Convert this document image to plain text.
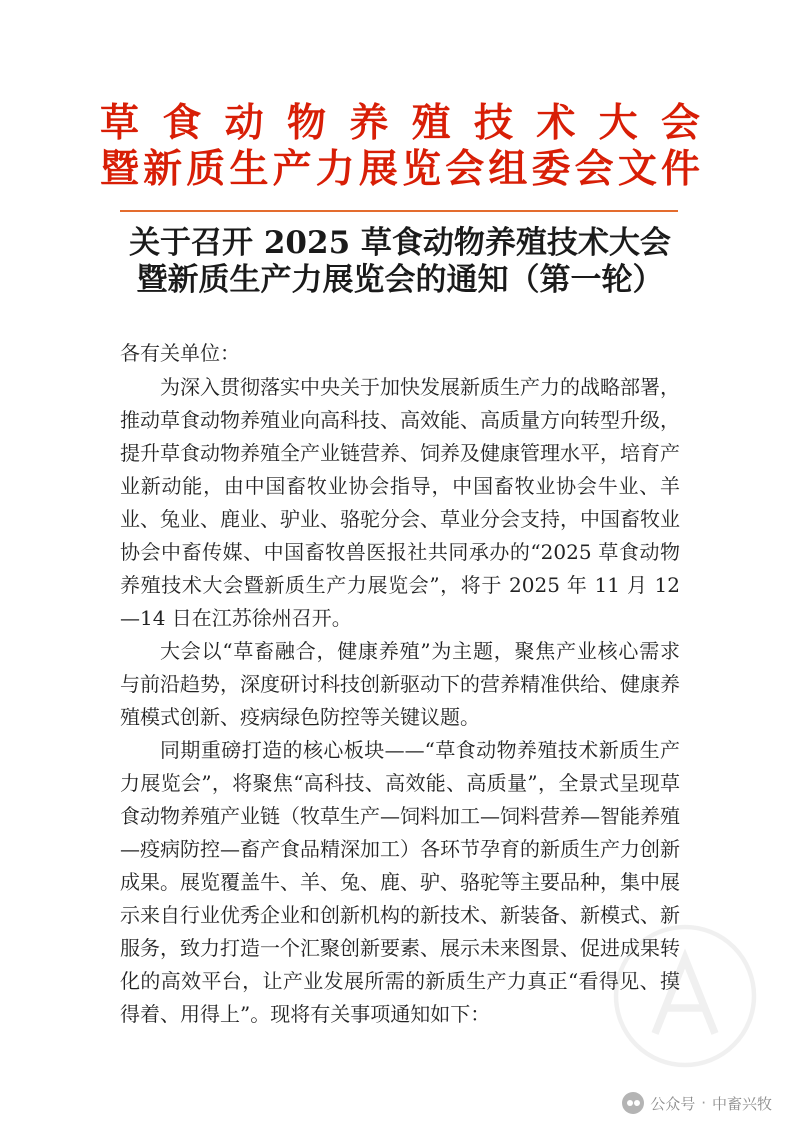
草食动物养殖技术大会
暨新质生产力展览会组委会文件
关于召开 2025 草食动物养殖技术大会
暨新质生产力展览会的通知（第一轮）

各有关单位：

为深入贯彻落实中央关于加快发展新质生产力的战略部署，推动草食动物养殖业向高科技、高效能、高质量方向转型升级，提升草食动物养殖全产业链营养、饲养及健康管理水平，培育产业新动能，由中国畜牧业协会指导，中国畜牧业协会牛业、羊业、兔业、鹿业、驴业、骆驼分会、草业分会支持，中国畜牧业协会中畜传媒、中国畜牧兽医报社共同承办的“2025 草食动物养殖技术大会暨新质生产力展览会”，将于 2025 年 11 月 12—14 日在江苏徐州召开。

大会以“草畜融合，健康养殖”为主题，聚焦产业核心需求与前沿趋势，深度研讨科技创新驱动下的营养精准供给、健康养殖模式创新、疫病绿色防控等关键议题。

同期重磅打造的核心板块——“草食动物养殖技术新质生产力展览会”，将聚焦“高科技、高效能、高质量”，全景式呈现草食动物养殖产业链（牧草生产—饲料加工—饲料营养—智能养殖—疫病防控—畜产食品精深加工）各环节孕育的新质生产力创新成果。展览覆盖牛、羊、兔、鹿、驴、骆驼等主要品种，集中展示来自行业优秀企业和创新机构的新技术、新装备、新模式、新服务，致力打造一个汇聚创新要素、展示未来图景、促进成果转化的高效平台，让产业发展所需的新质生产力真正“看得见、摸得着、用得上”。现将有关事项通知如下：

公众号 · 中畜兴牧
